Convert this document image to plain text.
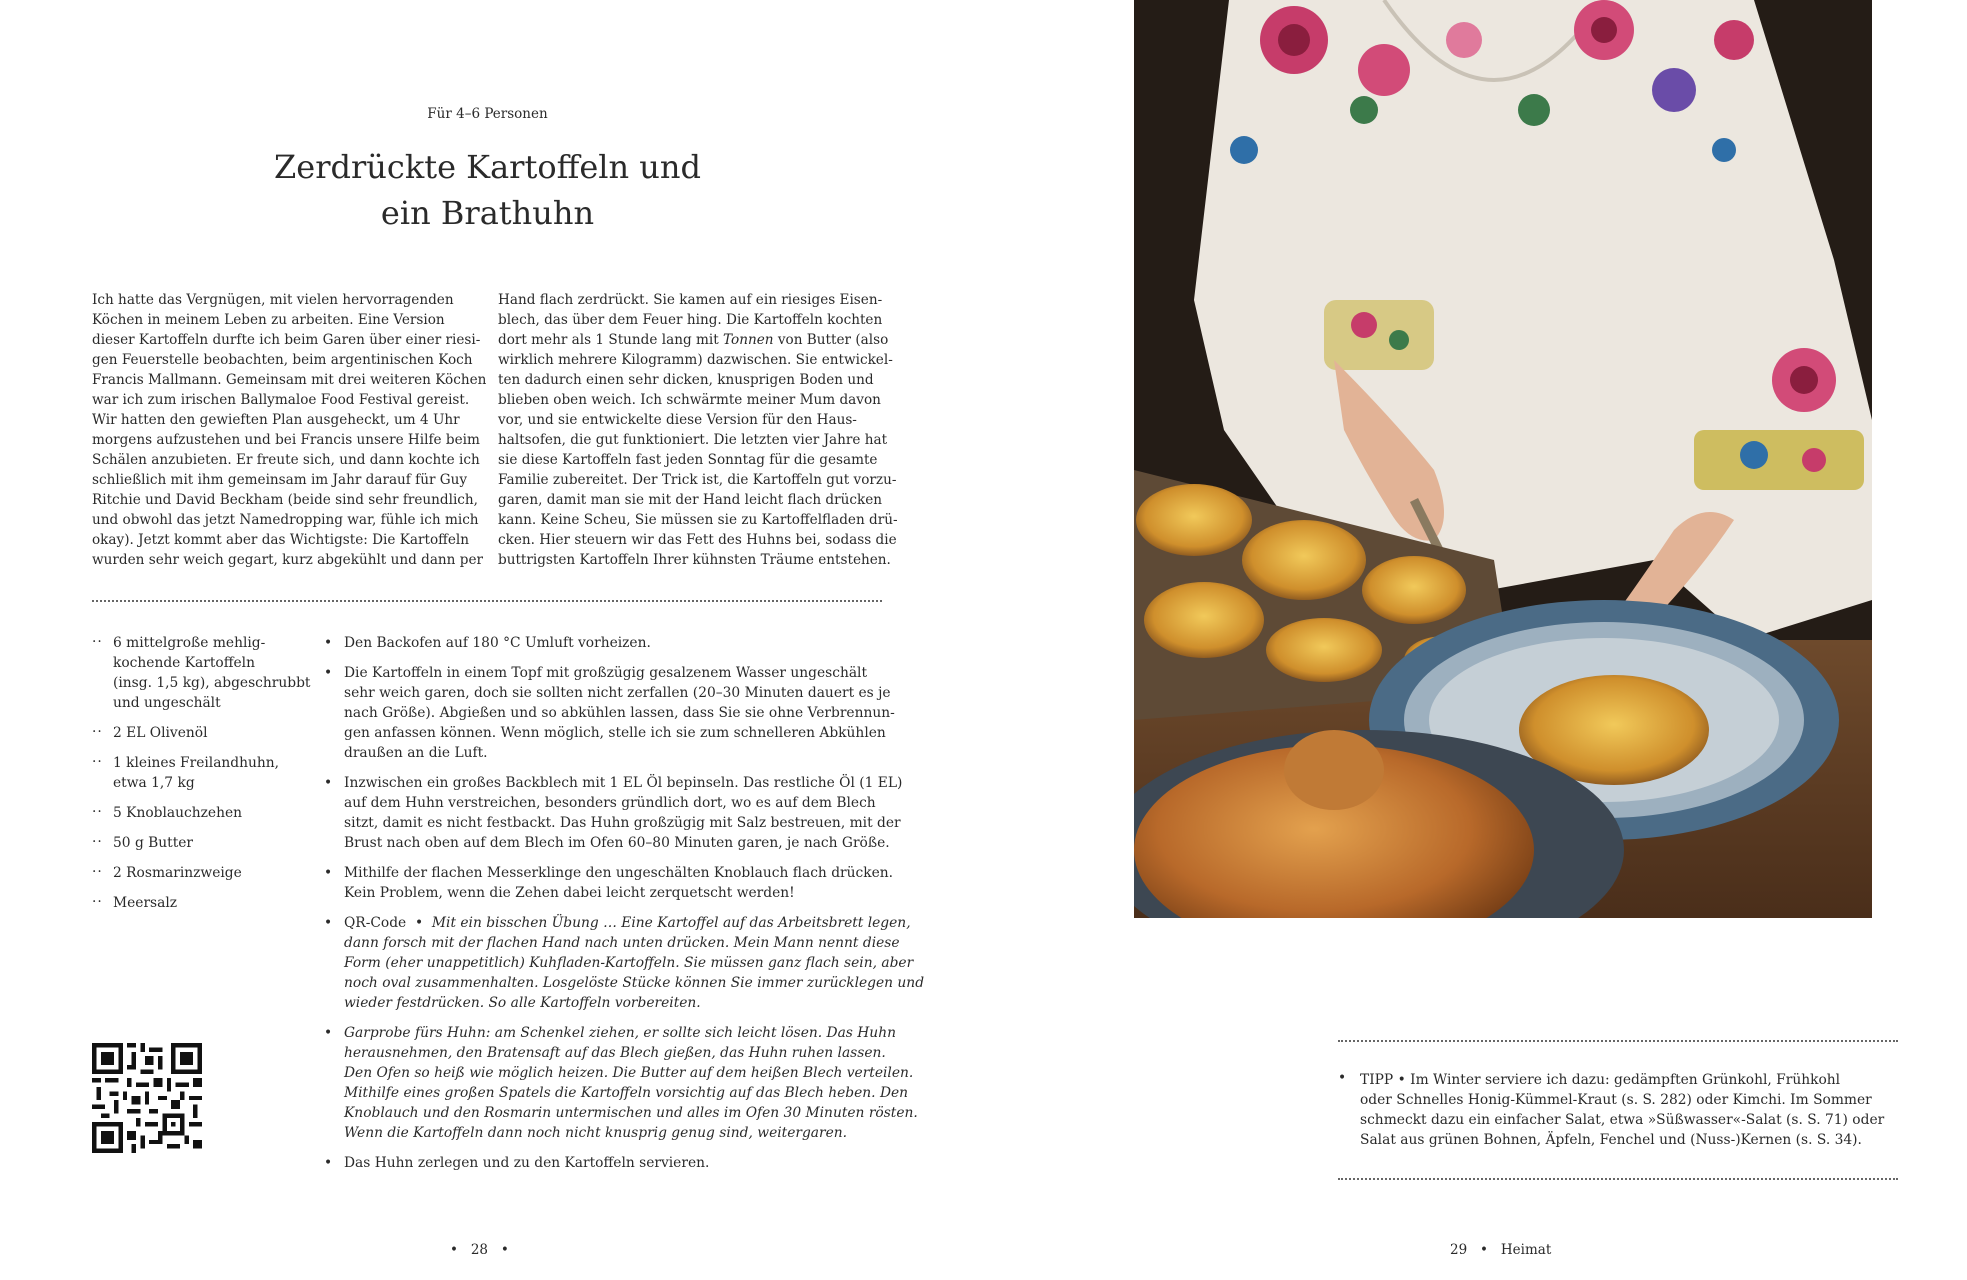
Für 4–6 Personen
Zerdrückte Kartoffeln und
ein Brathuhn
Ich hatte das Vergnügen, mit vielen hervorragenden
Köchen in meinem Leben zu arbeiten. Eine Version
dieser Kartoffeln durfte ich beim Garen über einer riesi-
gen Feuerstelle beobachten, beim argentinischen Koch
Francis Mallmann. Gemeinsam mit drei weiteren Köchen
war ich zum irischen Ballymaloe Food Festival gereist.
Wir hatten den gewieften Plan ausgeheckt, um 4 Uhr
morgens aufzustehen und bei Francis unsere Hilfe beim
Schälen anzubieten. Er freute sich, und dann kochte ich
schließlich mit ihm gemeinsam im Jahr darauf für Guy
Ritchie und David Beckham (beide sind sehr freundlich,
und obwohl das jetzt Namedropping war, fühle ich mich
okay). Jetzt kommt aber das Wichtigste: Die Kartoffeln
wurden sehr weich gegart, kurz abgekühlt und dann per
Hand flach zerdrückt. Sie kamen auf ein riesiges Eisen-
blech, das über dem Feuer hing. Die Kartoffeln kochten
dort mehr als 1 Stunde lang mit Tonnen von Butter (also
wirklich mehrere Kilogramm) dazwischen. Sie entwickel-
ten dadurch einen sehr dicken, knusprigen Boden und
blieben oben weich. Ich schwärmte meiner Mum davon
vor, und sie entwickelte diese Version für den Haus-
haltsofen, die gut funktioniert. Die letzten vier Jahre hat
sie diese Kartoffeln fast jeden Sonntag für die gesamte
Familie zubereitet. Der Trick ist, die Kartoffeln gut vorzu-
garen, damit man sie mit der Hand leicht flach drücken
kann. Keine Scheu, Sie müssen sie zu Kartoffelfladen drü-
cken. Hier steuern wir das Fett des Huhns bei, sodass die
buttrigsten Kartoffeln Ihrer kühnsten Träume entstehen.
·· 6 mittelgroße mehlig-
kochende Kartoffeln
(insg. 1,5 kg), abgeschrubbt
und ungeschält
·· 2 EL Olivenöl
·· 1 kleines Freilandhuhn,
etwa 1,7 kg
·· 5 Knoblauchzehen
·· 50 g Butter
·· 2 Rosmarinzweige
·· Meersalz
• Den Backofen auf 180 °C Umluft vorheizen.
• Die Kartoffeln in einem Topf mit großzügig gesalzenem Wasser ungeschält
sehr weich garen, doch sie sollten nicht zerfallen (20–30 Minuten dauert es je
nach Größe). Abgießen und so abkühlen lassen, dass Sie sie ohne Verbrennun-
gen anfassen können. Wenn möglich, stelle ich sie zum schnelleren Abkühlen
draußen an die Luft.
• Inzwischen ein großes Backblech mit 1 EL Öl bepinseln. Das restliche Öl (1 EL)
auf dem Huhn verstreichen, besonders gründlich dort, wo es auf dem Blech
sitzt, damit es nicht festbackt. Das Huhn großzügig mit Salz bestreuen, mit der
Brust nach oben auf dem Blech im Ofen 60–80 Minuten garen, je nach Größe.
• Mithilfe der flachen Messerklinge den ungeschälten Knoblauch flach drücken.
Kein Problem, wenn die Zehen dabei leicht zerquetscht werden!
• QR-Code  •  Mit ein bisschen Übung … Eine Kartoffel auf das Arbeitsbrett legen,
dann forsch mit der flachen Hand nach unten drücken. Mein Mann nennt diese
Form (eher unappetitlich) Kuhfladen-Kartoffeln. Sie müssen ganz flach sein, aber
noch oval zusammenhalten. Losgelöste Stücke können Sie immer zurücklegen und
wieder festdrücken. So alle Kartoffeln vorbereiten.
• Garprobe fürs Huhn: am Schenkel ziehen, er sollte sich leicht lösen. Das Huhn
herausnehmen, den Bratensaft auf das Blech gießen, das Huhn ruhen lassen.
Den Ofen so heiß wie möglich heizen. Die Butter auf dem heißen Blech verteilen.
Mithilfe eines großen Spatels die Kartoffeln vorsichtig auf das Blech heben. Den
Knoblauch und den Rosmarin untermischen und alles im Ofen 30 Minuten rösten.
Wenn die Kartoffeln dann noch nicht knusprig genug sind, weitergaren.
• Das Huhn zerlegen und zu den Kartoffeln servieren.
•   28   •
• TIPP • Im Winter serviere ich dazu: gedämpften Grünkohl, Frühkohl
oder Schnelles Honig-Kümmel-Kraut (s. S. 282) oder Kimchi. Im Sommer
schmeckt dazu ein einfacher Salat, etwa »Süßwasser«-Salat (s. S. 71) oder
Salat aus grünen Bohnen, Äpfeln, Fenchel und (Nuss-)Kernen (s. S. 34).
29   •   Heimat
